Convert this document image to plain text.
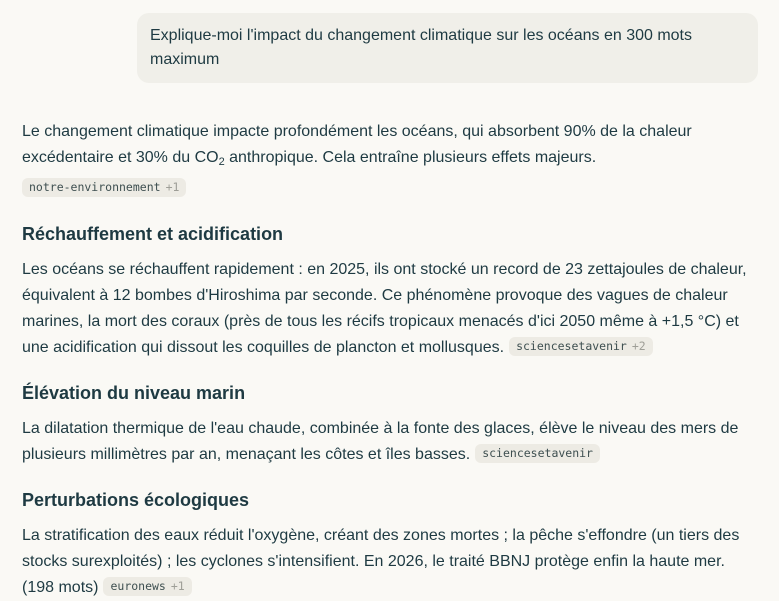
Explique-moi l'impact du changement climatique sur les océans en 300 mots maximum

Le changement climatique impacte profondément les océans, qui absorbent 90% de la chaleur excédentaire et 30% du $CO_2$ anthropique. Cela entraîne plusieurs effets majeurs.

notre-environnement +1
Réchauffement et acidification

Les océans se réchauffent rapidement : en 2025, ils ont stocké un record de 23 zettajoules de chaleur, équivalent à 12 bombes d'Hiroshima par seconde. Ce phénomène provoque des vagues de chaleur marines, la mort des coraux (près de tous les récifs tropicaux menacés d'ici 2050 même à +1,5 °C) et une acidification qui dissout les coquilles de plancton et mollusques. sciencesetavenir +2

Élévation du niveau marin

La dilatation thermique de l'eau chaude, combinée à la fonte des glaces, élève le niveau des mers de plusieurs millimètres par an, menaçant les côtes et îles basses. sciencesetavenir

Perturbations écologiques

La stratification des eaux réduit l'oxygène, créant des zones mortes ; la pêche s'effondre (un tiers des stocks surexploités) ; les cyclones s'intensifient. En 2026, le traité BBNJ protège enfin la haute mer. (198 mots) euronews +1
